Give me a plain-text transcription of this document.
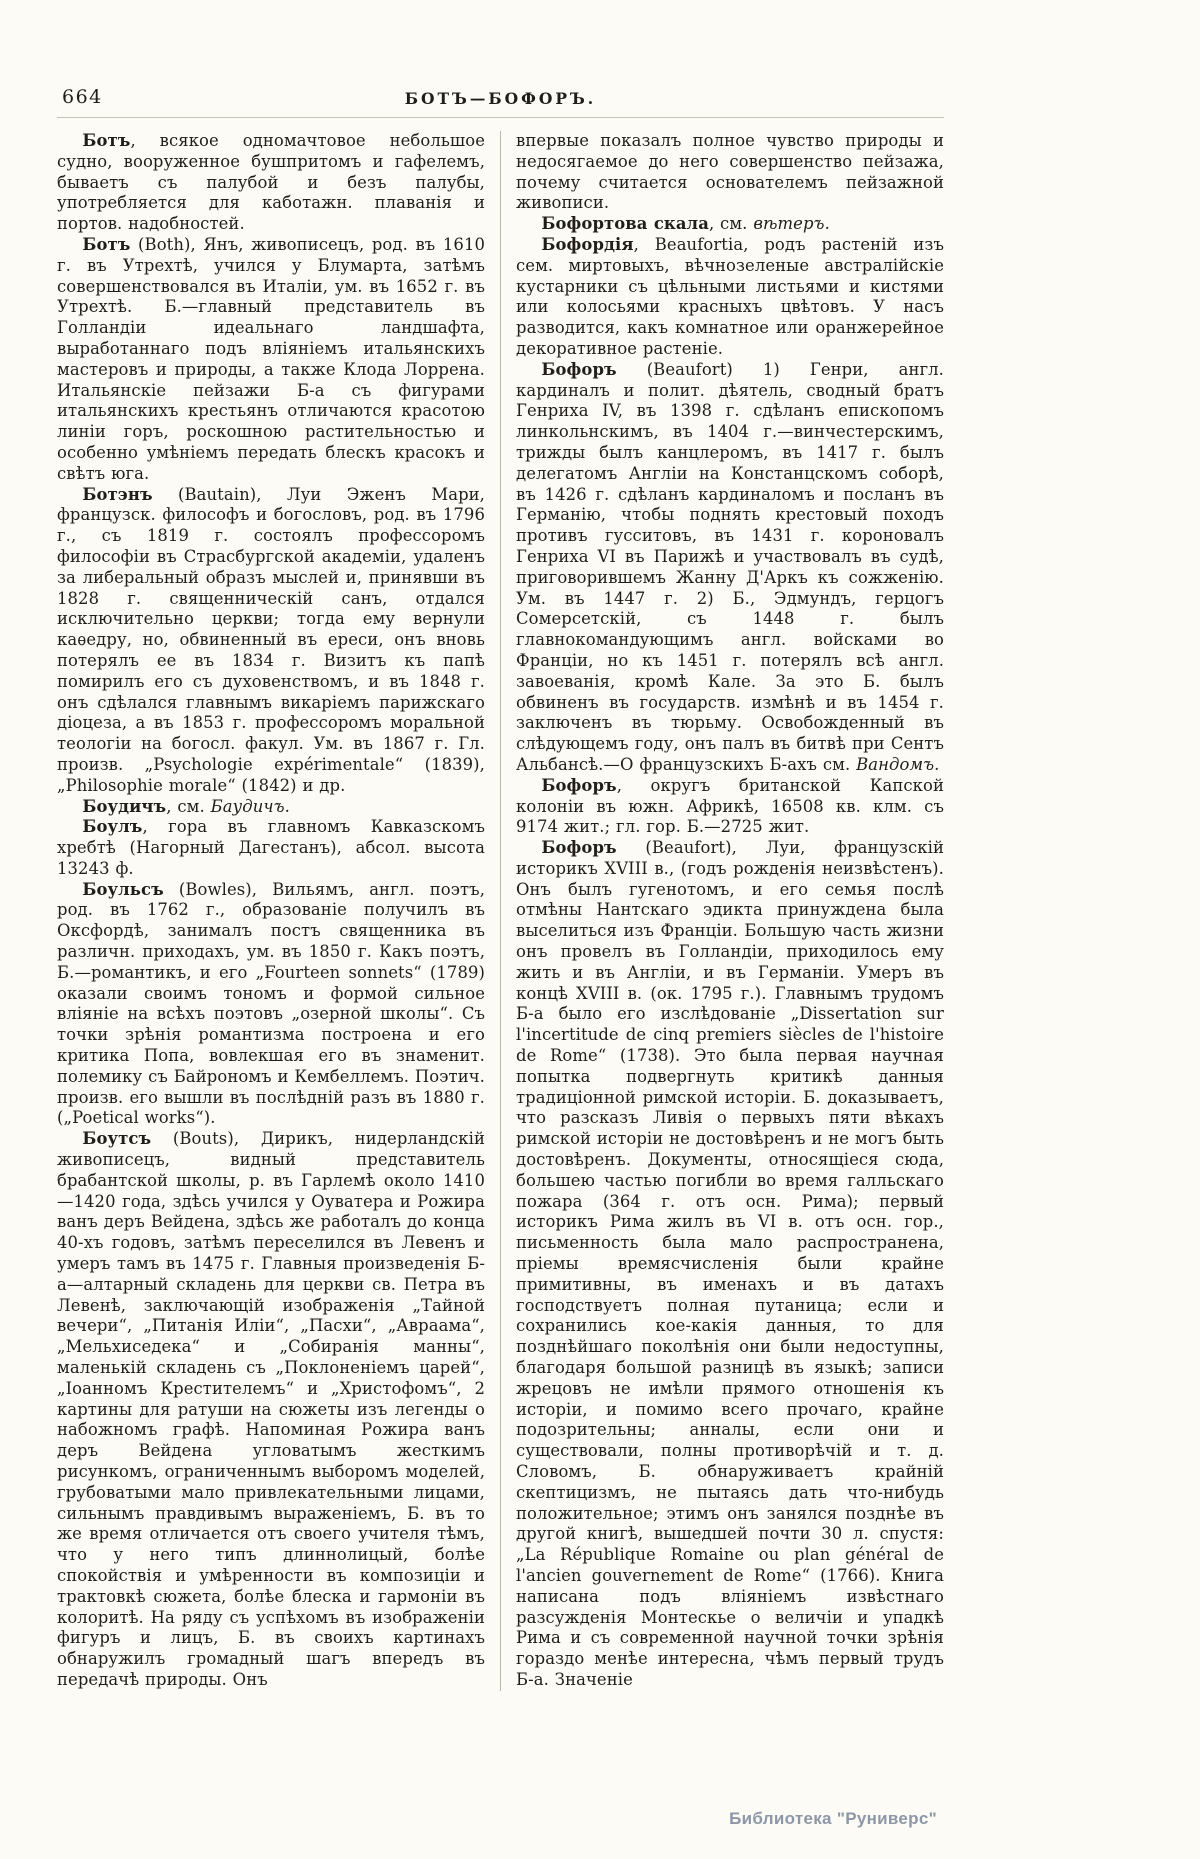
664	БОТЪ—БОФОРЪ.

Ботъ, всякое одномачтовое небольшое судно, вооруженное бушпритомъ и гафелемъ, бываетъ съ палубой и безъ палубы, употребляется для каботажн. плаванія и портов. надобностей.

Ботъ (Both), Янъ, живописецъ, род. въ 1610 г. въ Утрехтѣ, учился у Блумарта, затѣмъ совершенствовался въ Италіи, ум. въ 1652 г. въ Утрехтѣ. Б.—главный представитель въ Голландіи идеальнаго ландшафта, выработаннаго подъ вліяніемъ итальянскихъ мастеровъ и природы, а также Клода Лоррена. Итальянскіе пейзажи Б-а съ фигурами итальянскихъ крестьянъ отличаются красотою линіи горъ, роскошною растительностью и особенно умѣніемъ передать блескъ красокъ и свѣтъ юга.

Ботэнъ (Bautain), Луи Эженъ Мари, французск. философъ и богословъ, род. въ 1796 г., съ 1819 г. состоялъ профессоромъ философіи въ Страсбургской академіи, удаленъ за либеральный образъ мыслей и, принявши въ 1828 г. священническій санъ, отдался исключительно церкви; тогда ему вернули каѳедру, но, обвиненный въ ереси, онъ вновь потерялъ ее въ 1834 г. Визитъ къ папѣ помирилъ его съ духовенствомъ, и въ 1848 г. онъ сдѣлался главнымъ викаріемъ парижскаго діоцеза, а въ 1853 г. профессоромъ моральной теологіи на богосл. факул. Ум. въ 1867 г. Гл. произв. „Psychologie expérimentale“ (1839), „Philosophie morale“ (1842) и др.

Боудичъ, см. Баудичъ.

Боулъ, гора въ главномъ Кавказскомъ хребтѣ (Нагорный Дагестанъ), абсол. высота 13243 ф.

Боульсъ (Bowles), Вильямъ, англ. поэтъ, род. въ 1762 г., образованіе получилъ въ Оксфордѣ, занималъ постъ священника въ различн. приходахъ, ум. въ 1850 г. Какъ поэтъ, Б.—романтикъ, и его „Fourteen sonnets“ (1789) оказали своимъ тономъ и формой сильное вліяніе на всѣхъ поэтовъ „озерной школы“. Съ точки зрѣнія романтизма построена и его критика Попа, вовлекшая его въ знаменит. полемику съ Байрономъ и Кембеллемъ. Поэтич. произв. его вышли въ послѣдній разъ въ 1880 г. („Poetical works“).

Боутсъ (Bouts), Дирикъ, нидерландскій живописецъ, видный представитель брабантской школы, р. въ Гарлемѣ около 1410—1420 года, здѣсь учился у Оуватера и Рожира ванъ деръ Вейдена, здѣсь же работалъ до конца 40-хъ годовъ, затѣмъ переселился въ Левенъ и умеръ тамъ въ 1475 г. Главныя произведенія Б-а—алтарный складень для церкви св. Петра въ Левенѣ, заключающій изображенія „Тайной вечери“, „Питанія Иліи“, „Пасхи“, „Авраама“, „Мельхиседека“ и „Собиранія манны“, маленькій складень съ „Поклоненіемъ царей“, „Іоанномъ Крестителемъ“ и „Христофомъ“, 2 картины для ратуши на сюжеты изъ легенды о набожномъ графѣ. Напоминая Рожира ванъ деръ Вейдена угловатымъ жесткимъ рисункомъ, ограниченнымъ выборомъ моделей, грубоватыми мало привлекательными лицами, сильнымъ правдивымъ выраженіемъ, Б. въ то же время отличается отъ своего учителя тѣмъ, что у него типъ длиннолицый, болѣе спокойствія и умѣренности въ композиціи и трактовкѣ сюжета, болѣе блеска и гармоніи въ колоритѣ. На ряду съ успѣхомъ въ изображеніи фигуръ и лицъ, Б. въ своихъ картинахъ обнаружилъ громадный шагъ впередъ въ передачѣ природы. Онъ

впервые показалъ полное чувство природы и недосягаемое до него совершенство пейзажа, почему считается основателемъ пейзажной живописи.

Бофортова скала, см. вѣтеръ.

Бофордія, Beaufortia, родъ растеній изъ сем. миртовыхъ, вѣчнозеленые австралійскіе кустарники съ цѣльными листьями и кистями или колосьями красныхъ цвѣтовъ. У насъ разводится, какъ комнатное или оранжерейное декоративное растеніе.

Бофоръ (Beaufort) 1) Генри, англ. кардиналъ и полит. дѣятель, сводный братъ Генриха IV, въ 1398 г. сдѣланъ епископомъ линкольнскимъ, въ 1404 г.—винчестерскимъ, трижды былъ канцлеромъ, въ 1417 г. былъ делегатомъ Англіи на Констанцскомъ соборѣ, въ 1426 г. сдѣланъ кардиналомъ и посланъ въ Германію, чтобы поднять крестовый походъ противъ гусситовъ, въ 1431 г. короновалъ Генриха VI въ Парижѣ и участвовалъ въ судѣ, приговорившемъ Жанну Д'Аркъ къ сожженію. Ум. въ 1447 г. 2) Б., Эдмундъ, герцогъ Сомерсетскій, съ 1448 г. былъ главнокомандующимъ англ. войсками во Франціи, но къ 1451 г. потерялъ всѣ англ. завоеванія, кромѣ Кале. За это Б. былъ обвиненъ въ государств. измѣнѣ и въ 1454 г. заключенъ въ тюрьму. Освобожденный въ слѣдующемъ году, онъ палъ въ битвѣ при Сентъ Альбансѣ.—О французскихъ Б-ахъ см. Вандомъ.

Бофоръ, округъ британской Капской колоніи въ южн. Африкѣ, 16508 кв. клм. съ 9174 жит.; гл. гор. Б.—2725 жит.

Бофоръ (Beaufort), Луи, французскій историкъ XVIII в., (годъ рожденія неизвѣстенъ). Онъ былъ гугенотомъ, и его семья послѣ отмѣны Нантскаго эдикта принуждена была выселиться изъ Франціи. Большую часть жизни онъ провелъ въ Голландіи, приходилось ему жить и въ Англіи, и въ Германіи. Умеръ въ концѣ XVIII в. (ок. 1795 г.). Главнымъ трудомъ Б-а было его изслѣдованіе „Dissertation sur l'incertitude de cinq premiers siècles de l'histoire de Rome“ (1738). Это была первая научная попытка подвергнуть критикѣ данныя традиціонной римской исторіи. Б. доказываетъ, что разсказъ Ливія о первыхъ пяти вѣкахъ римской исторіи не достовѣренъ и не могъ быть достовѣренъ. Документы, относящіеся сюда, большею частью погибли во время галльскаго пожара (364 г. отъ осн. Рима); первый историкъ Рима жилъ въ VI в. отъ осн. гор., письменность была мало распространена, пріемы времясчисленія были крайне примитивны, въ именахъ и въ датахъ господствуетъ полная путаница; если и сохранились кое-какія данныя, то для позднѣйшаго поколѣнія они были недоступны, благодаря большой разницѣ въ языкѣ; записи жрецовъ не имѣли прямого отношенія къ исторіи, и помимо всего прочаго, крайне подозрительны; анналы, если они и существовали, полны противорѣчій и т. д. Словомъ, Б. обнаруживаетъ крайній скептицизмъ, не пытаясь дать что-нибудь положительное; этимъ онъ занялся позднѣе въ другой книгѣ, вышедшей почти 30 л. спустя: „La République Romaine ou plan général de l'ancien gouvernement de Rome“ (1766). Книга написана подъ вліяніемъ извѣстнаго разсужденія Монтескье о величіи и упадкѣ Рима и съ современной научной точки зрѣнія гораздо менѣе интересна, чѣмъ первый трудъ Б-а. Значеніе

Библиотека "Руниверс"
